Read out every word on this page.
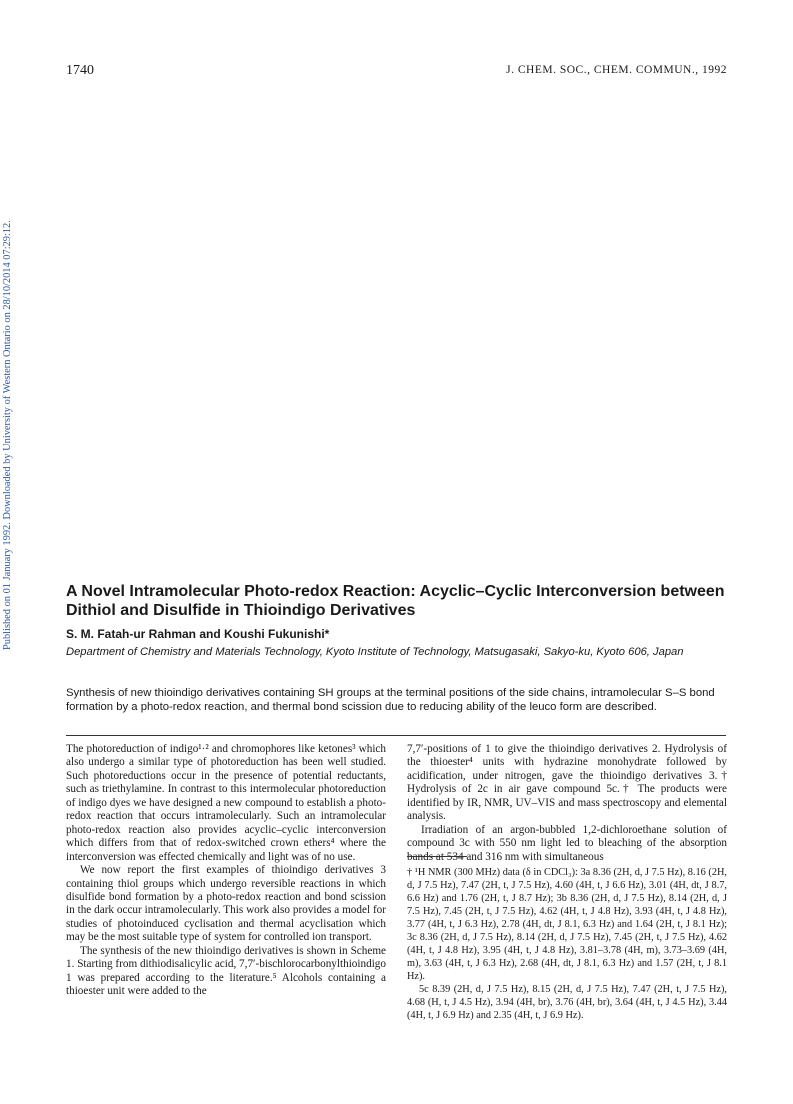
Published on 01 January 1992. Downloaded by University of Western Ontario on 28/10/2014 07:29:12.
1740	J. CHEM. SOC., CHEM. COMMUN., 1992
A Novel Intramolecular Photo-redox Reaction: Acyclic–Cyclic Interconversion between Dithiol and Disulfide in Thioindigo Derivatives

S. M. Fatah-ur Rahman and Koushi Fukunishi*

Department of Chemistry and Materials Technology, Kyoto Institute of Technology, Matsugasaki, Sakyo-ku, Kyoto 606, Japan

Synthesis of new thioindigo derivatives containing SH groups at the terminal positions of the side chains, intramolecular S–S bond formation by a photo-redox reaction, and thermal bond scission due to reducing ability of the leuco form are described.

The photoreduction of indigo¹·² and chromophores like ketones³ which also undergo a similar type of photoreduction has been well studied. Such photoreductions occur in the presence of potential reductants, such as triethylamine. In contrast to this intermolecular photoreduction of indigo dyes we have designed a new compound to establish a photo-redox reaction that occurs intramolecularly. Such an intramolecular photo-redox reaction also provides acyclic–cyclic interconversion which differs from that of redox-switched crown ethers⁴ where the interconversion was effected chemically and light was of no use.

We now report the first examples of thioindigo derivatives 3 containing thiol groups which undergo reversible reactions in which disulfide bond formation by a photo-redox reaction and bond scission in the dark occur intramolecularly. This work also provides a model for studies of photoinduced cyclisation and thermal acyclisation which may be the most suitable type of system for controlled ion transport.

The synthesis of the new thioindigo derivatives is shown in Scheme 1. Starting from dithiodisalicylic acid, 7,7′-bischlorocarbonylthioindigo 1 was prepared according to the literature.⁵ Alcohols containing a thioester unit were added to the

7,7′-positions of 1 to give the thioindigo derivatives 2. Hydrolysis of the thioester⁴ units with hydrazine monohydrate followed by acidification, under nitrogen, gave the thioindigo derivatives 3.† Hydrolysis of 2c in air gave compound 5c.† The products were identified by IR, NMR, UV–VIS and mass spectroscopy and elemental analysis.

Irradiation of an argon-bubbled 1,2-dichloroethane solution of compound 3c with 550 nm light led to bleaching of the absorption bands at 534 and 316 nm with simultaneous

† ¹H NMR (300 MHz) data (δ in CDCl₃): 3a 8.36 (2H, d, J 7.5 Hz), 8.16 (2H, d, J 7.5 Hz), 7.47 (2H, t, J 7.5 Hz), 4.60 (4H, t, J 6.6 Hz), 3.01 (4H, dt, J 8.7, 6.6 Hz) and 1.76 (2H, t, J 8.7 Hz); 3b 8.36 (2H, d, J 7.5 Hz), 8.14 (2H, d, J 7.5 Hz), 7.45 (2H, t, J 7.5 Hz), 4.62 (4H, t, J 4.8 Hz), 3.93 (4H, t, J 4.8 Hz), 3.77 (4H, t, J 6.3 Hz), 2.78 (4H, dt, J 8.1, 6.3 Hz) and 1.64 (2H, t, J 8.1 Hz); 3c 8.36 (2H, d, J 7.5 Hz), 8.14 (2H, d, J 7.5 Hz), 7.45 (2H, t, J 7.5 Hz), 4.62 (4H, t, J 4.8 Hz), 3.95 (4H, t, J 4.8 Hz), 3.81–3.78 (4H, m), 3.73–3.69 (4H, m), 3.63 (4H, t, J 6.3 Hz), 2.68 (4H, dt, J 8.1, 6.3 Hz) and 1.57 (2H, t, J 8.1 Hz).

5c 8.39 (2H, d, J 7.5 Hz), 8.15 (2H, d, J 7.5 Hz), 7.47 (2H, t, J 7.5 Hz), 4.68 (H, t, J 4.5 Hz), 3.94 (4H, br), 3.76 (4H, br), 3.64 (4H, t, J 4.5 Hz), 3.44 (4H, t, J 6.9 Hz) and 2.35 (4H, t, J 6.9 Hz).
